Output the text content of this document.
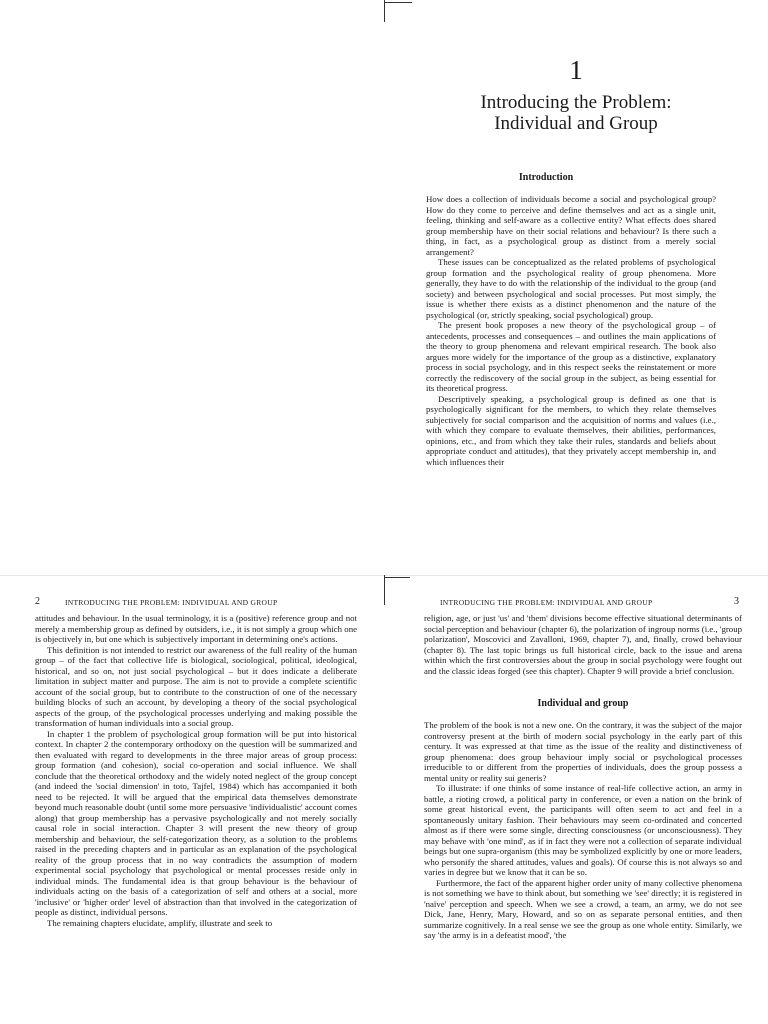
1
Introducing the Problem:
Individual and Group
Introduction

How does a collection of individuals become a social and psychological group? How do they come to perceive and define themselves and act as a single unit, feeling, thinking and self-aware as a collective entity? What effects does shared group membership have on their social relations and behaviour? Is there such a thing, in fact, as a psychological group as distinct from a merely social arrangement?

These issues can be conceptualized as the related problems of psychological group formation and the psychological reality of group phenomena. More generally, they have to do with the relationship of the individual to the group (and society) and between psychological and social processes. Put most simply, the issue is whether there exists as a distinct phenomenon and the nature of the psychological (or, strictly speaking, social psychological) group.

The present book proposes a new theory of the psychological group – of antecedents, processes and consequences – and outlines the main applications of the theory to group phenomena and relevant empirical research. The book also argues more widely for the importance of the group as a distinctive, explanatory process in social psychology, and in this respect seeks the reinstatement or more correctly the rediscovery of the social group in the subject, as being essential for its theoretical progress.

Descriptively speaking, a psychological group is defined as one that is psychologically significant for the members, to which they relate themselves subjectively for social comparison and the acquisition of norms and values (i.e., with which they compare to evaluate themselves, their abilities, performances, opinions, etc., and from which they take their rules, standards and beliefs about appropriate conduct and attitudes), that they privately accept membership in, and which influences their

2	INTRODUCING THE PROBLEM: INDIVIDUAL AND GROUP

attitudes and behaviour. In the usual terminology, it is a (positive) reference group and not merely a membership group as defined by outsiders, i.e., it is not simply a group which one is objectively in, but one which is subjectively important in determining one's actions.

This definition is not intended to restrict our awareness of the full reality of the human group – of the fact that collective life is biological, sociological, political, ideological, historical, and so on, not just social psychological – but it does indicate a deliberate limitation in subject matter and purpose. The aim is not to provide a complete scientific account of the social group, but to contribute to the construction of one of the necessary building blocks of such an account, by developing a theory of the social psychological aspects of the group, of the psychological processes underlying and making possible the transformation of human individuals into a social group.

In chapter 1 the problem of psychological group formation will be put into historical context. In chapter 2 the contemporary orthodoxy on the question will be summarized and then evaluated with regard to developments in the three major areas of group process: group formation (and cohesion), social co-operation and social influence. We shall conclude that the theoretical orthodoxy and the widely noted neglect of the group concept (and indeed the 'social dimension' in toto, Tajfel, 1984) which has accompanied it both need to be rejected. It will be argued that the empirical data themselves demonstrate beyond much reasonable doubt (until some more persuasive 'individualistic' account comes along) that group membership has a pervasive psychologically and not merely socially causal role in social interaction. Chapter 3 will present the new theory of group membership and behaviour, the self-categorization theory, as a solution to the problems raised in the preceding chapters and in particular as an explanation of the psychological reality of the group process that in no way contradicts the assumption of modern experimental social psychology that psychological or mental processes reside only in individual minds. The fundamental idea is that group behaviour is the behaviour of individuals acting on the basis of a categorization of self and others at a social, more 'inclusive' or 'higher order' level of abstraction than that involved in the categorization of people as distinct, individual persons.

The remaining chapters elucidate, amplify, illustrate and seek to

INTRODUCING THE PROBLEM: INDIVIDUAL AND GROUP	3

religion, age, or just 'us' and 'them' divisions become effective situational determinants of social perception and behaviour (chapter 6), the polarization of ingroup norms (i.e., 'group polarization', Moscovici and Zavalloni, 1969, chapter 7), and, finally, crowd behaviour (chapter 8). The last topic brings us full historical circle, back to the issue and arena within which the first controversies about the group in social psychology were fought out and the classic ideas forged (see this chapter). Chapter 9 will provide a brief conclusion.

Individual and group

The problem of the book is not a new one. On the contrary, it was the subject of the major controversy present at the birth of modern social psychology in the early part of this century. It was expressed at that time as the issue of the reality and distinctiveness of group phenomena: does group behaviour imply social or psychological processes irreducible to or different from the properties of individuals, does the group possess a mental unity or reality sui generis?

To illustrate: if one thinks of some instance of real-life collective action, an army in battle, a rioting crowd, a political party in conference, or even a nation on the brink of some great historical event, the participants will often seem to act and feel in a spontaneously unitary fashion. Their behaviours may seem co-ordinated and concerted almost as if there were some single, directing consciousness (or unconsciousness). They may behave with 'one mind', as if in fact they were not a collection of separate individual beings but one supra-organism (this may be symbolized explicitly by one or more leaders, who personify the shared attitudes, values and goals). Of course this is not always so and varies in degree but we know that it can be so.

Furthermore, the fact of the apparent higher order unity of many collective phenomena is not something we have to think about, but something we 'see' directly; it is registered in 'naïve' perception and speech. When we see a crowd, a team, an army, we do not see Dick, Jane, Henry, Mary, Howard, and so on as separate personal entities, and then summarize cognitively. In a real sense we see the group as one whole entity. Similarly, we say 'the army is in a defeatist mood', 'the
